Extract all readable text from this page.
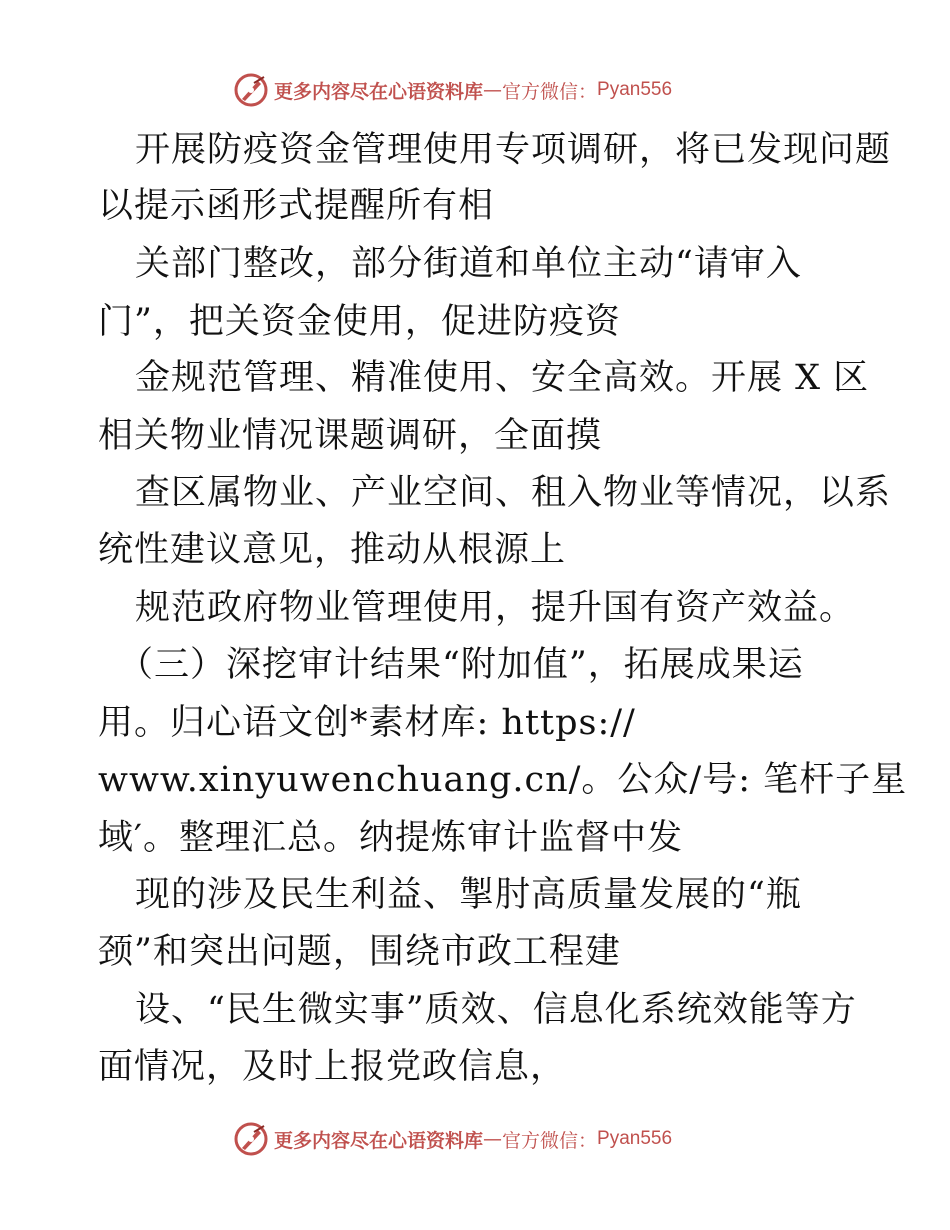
更多内容尽在心语资料库 — 官方微信： Pyan556
开展防疫资金管理使用专项调研，将已发现问题
以提示函形式提醒所有相
关部门整改，部分街道和单位主动“请审入
门”，把关资金使用，促进防疫资
金规范管理、精准使用、安全高效。开展 X 区
相关物业情况课题调研，全面摸
查区属物业、产业空间、租入物业等情况，以系
统性建议意见，推动从根源上
规范政府物业管理使用，提升国有资产效益。
（三）深挖审计结果“附加值”，拓展成果运
用。归心语文创*素材库: https://
www.xinyuwenchuang.cn/。公众/号: 笔杆子星
域′。整理汇总。纳提炼审计监督中发
现的涉及民生利益、掣肘高质量发展的“瓶
颈”和突出问题，围绕市政工程建
设、“民生微实事”质效、信息化系统效能等方
面情况，及时上报党政信息，
更多内容尽在心语资料库 — 官方微信： Pyan556
